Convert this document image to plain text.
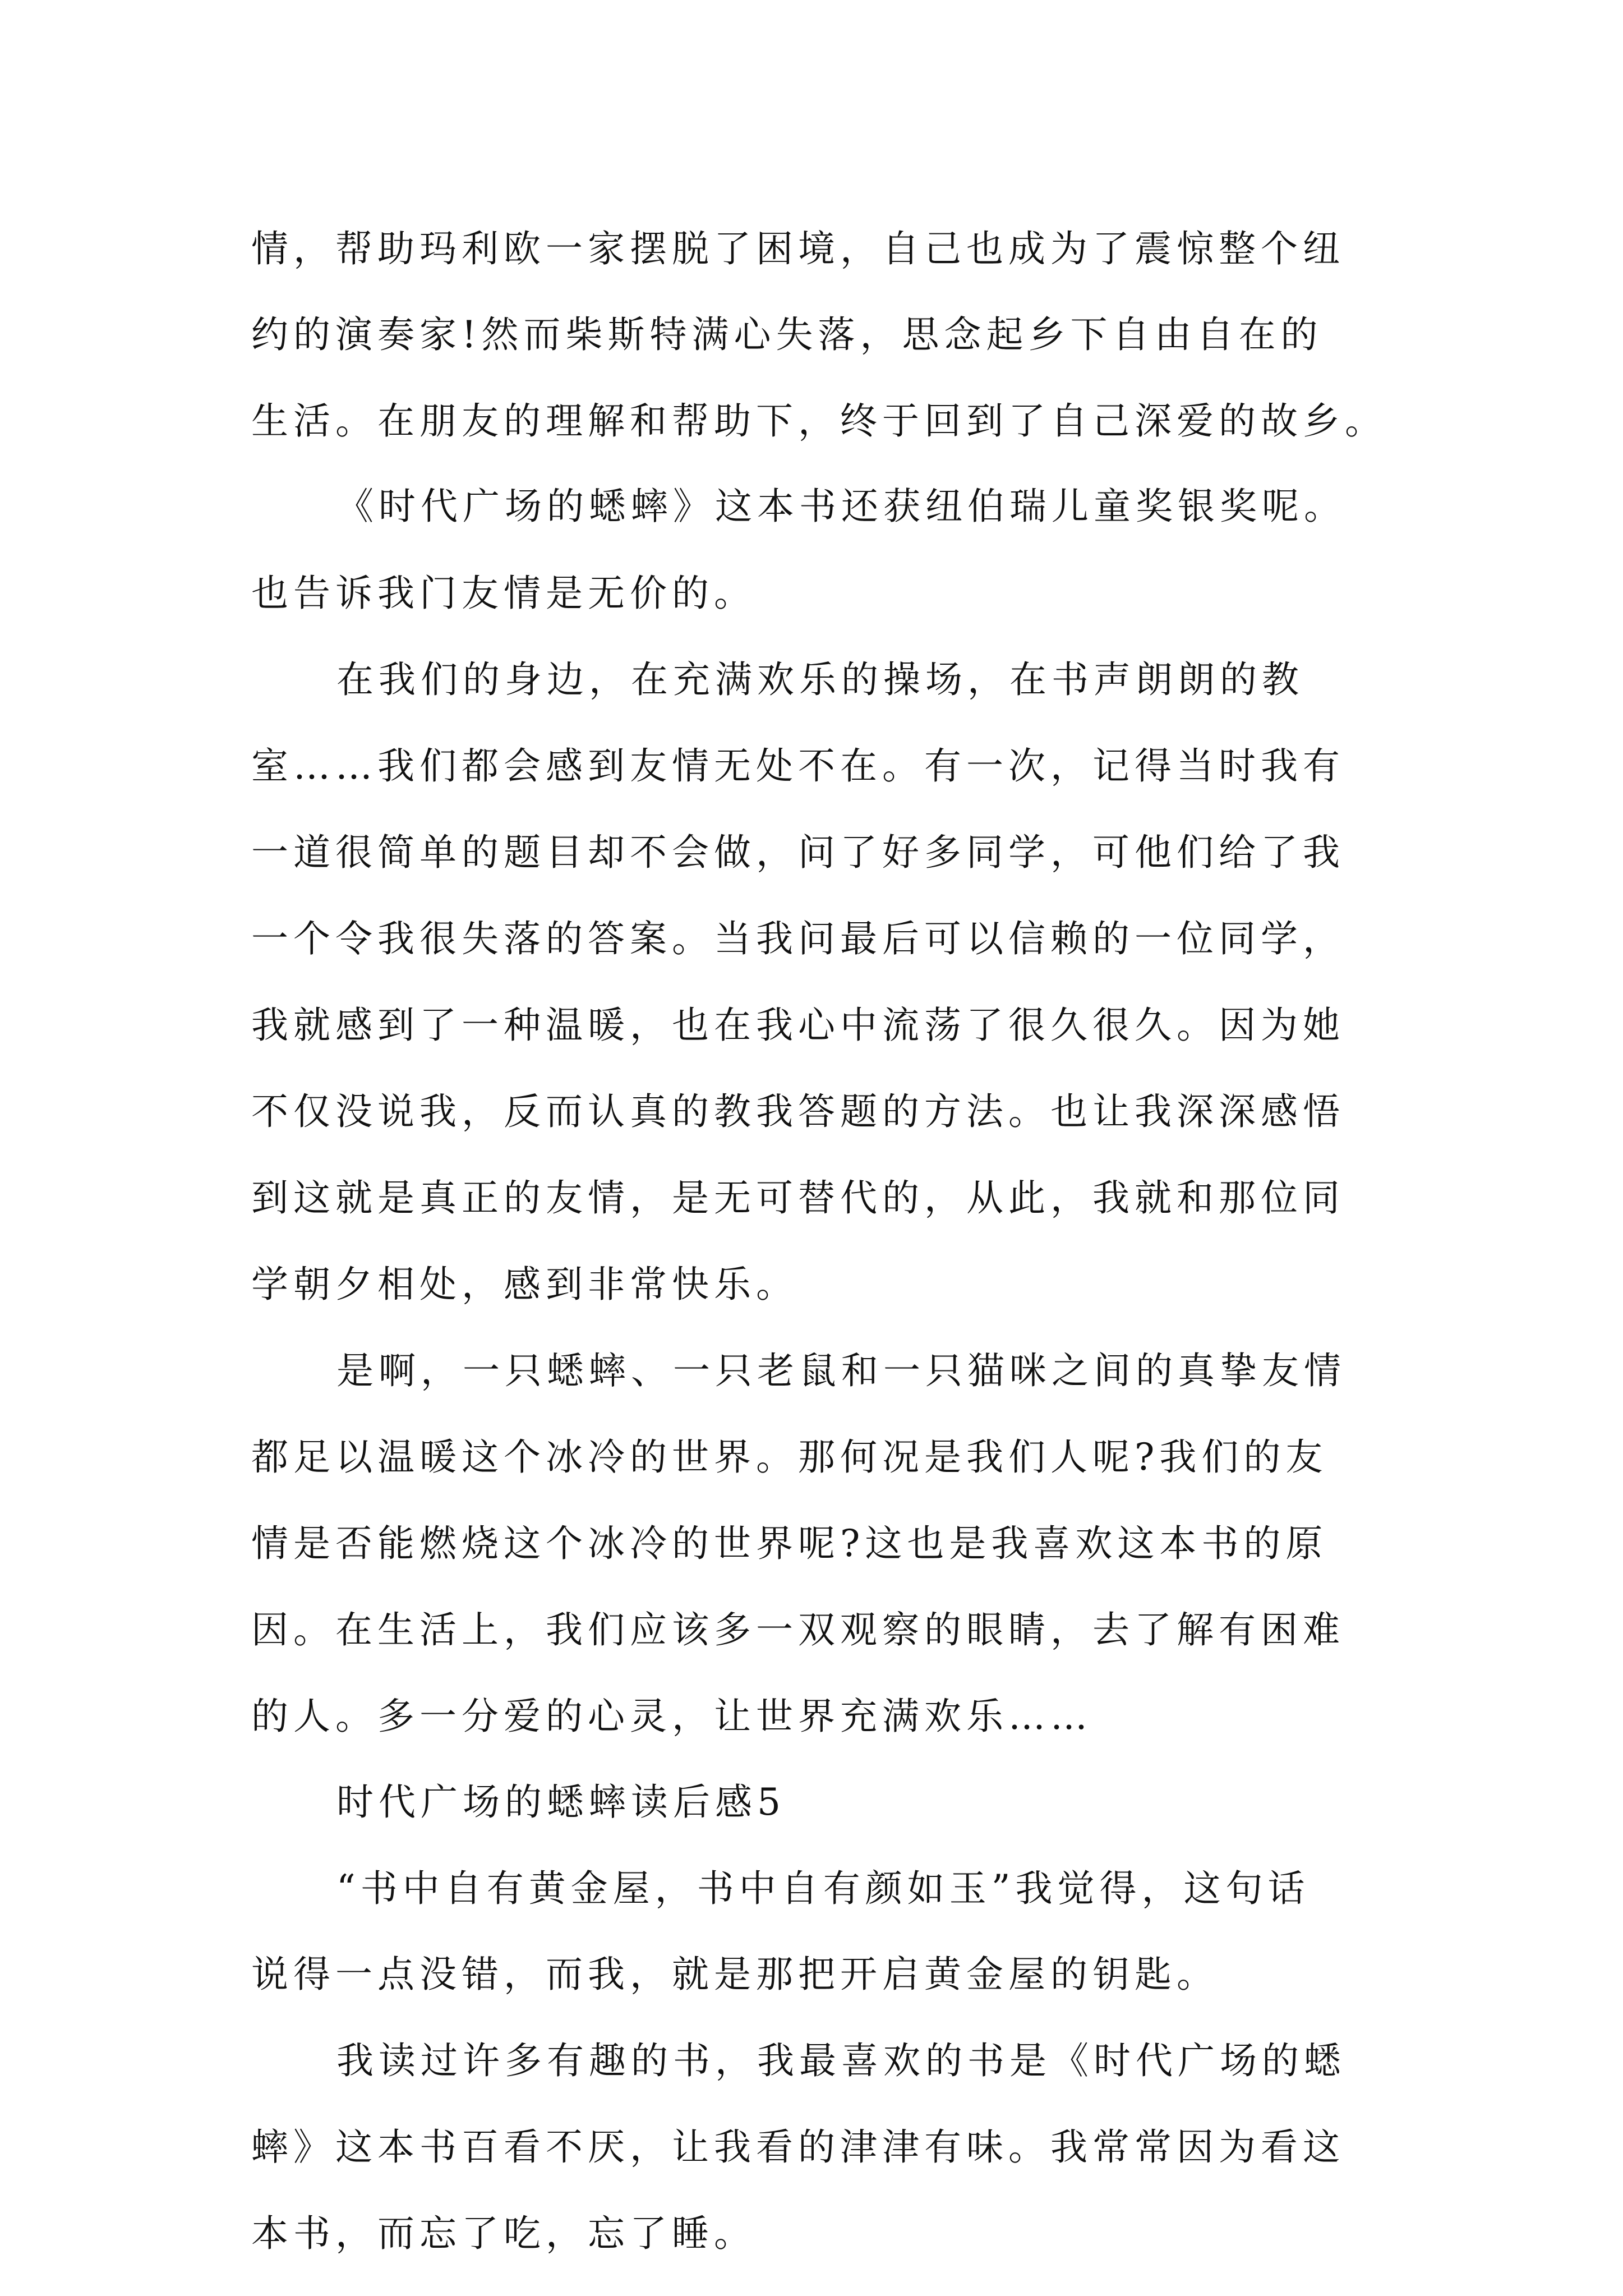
情，帮助玛利欧一家摆脱了困境，自己也成为了震惊整个纽
约的演奏家!然而柴斯特满心失落，思念起乡下自由自在的
生活。在朋友的理解和帮助下，终于回到了自己深爱的故乡。
《时代广场的蟋蟀》这本书还获纽伯瑞儿童奖银奖呢。
也告诉我门友情是无价的。
在我们的身边，在充满欢乐的操场，在书声朗朗的教
室……我们都会感到友情无处不在。有一次，记得当时我有
一道很简单的题目却不会做，问了好多同学，可他们给了我
一个令我很失落的答案。当我问最后可以信赖的一位同学，
我就感到了一种温暖，也在我心中流荡了很久很久。因为她
不仅没说我，反而认真的教我答题的方法。也让我深深感悟
到这就是真正的友情，是无可替代的，从此，我就和那位同
学朝夕相处，感到非常快乐。
是啊，一只蟋蟀、一只老鼠和一只猫咪之间的真挚友情
都足以温暖这个冰冷的世界。那何况是我们人呢?我们的友
情是否能燃烧这个冰冷的世界呢?这也是我喜欢这本书的原
因。在生活上，我们应该多一双观察的眼睛，去了解有困难
的人。多一分爱的心灵，让世界充满欢乐……
时代广场的蟋蟀读后感5
“书中自有黄金屋，书中自有颜如玉”我觉得，这句话
说得一点没错，而我，就是那把开启黄金屋的钥匙。
我读过许多有趣的书，我最喜欢的书是《时代广场的蟋
蟀》这本书百看不厌，让我看的津津有味。我常常因为看这
本书，而忘了吃，忘了睡。
